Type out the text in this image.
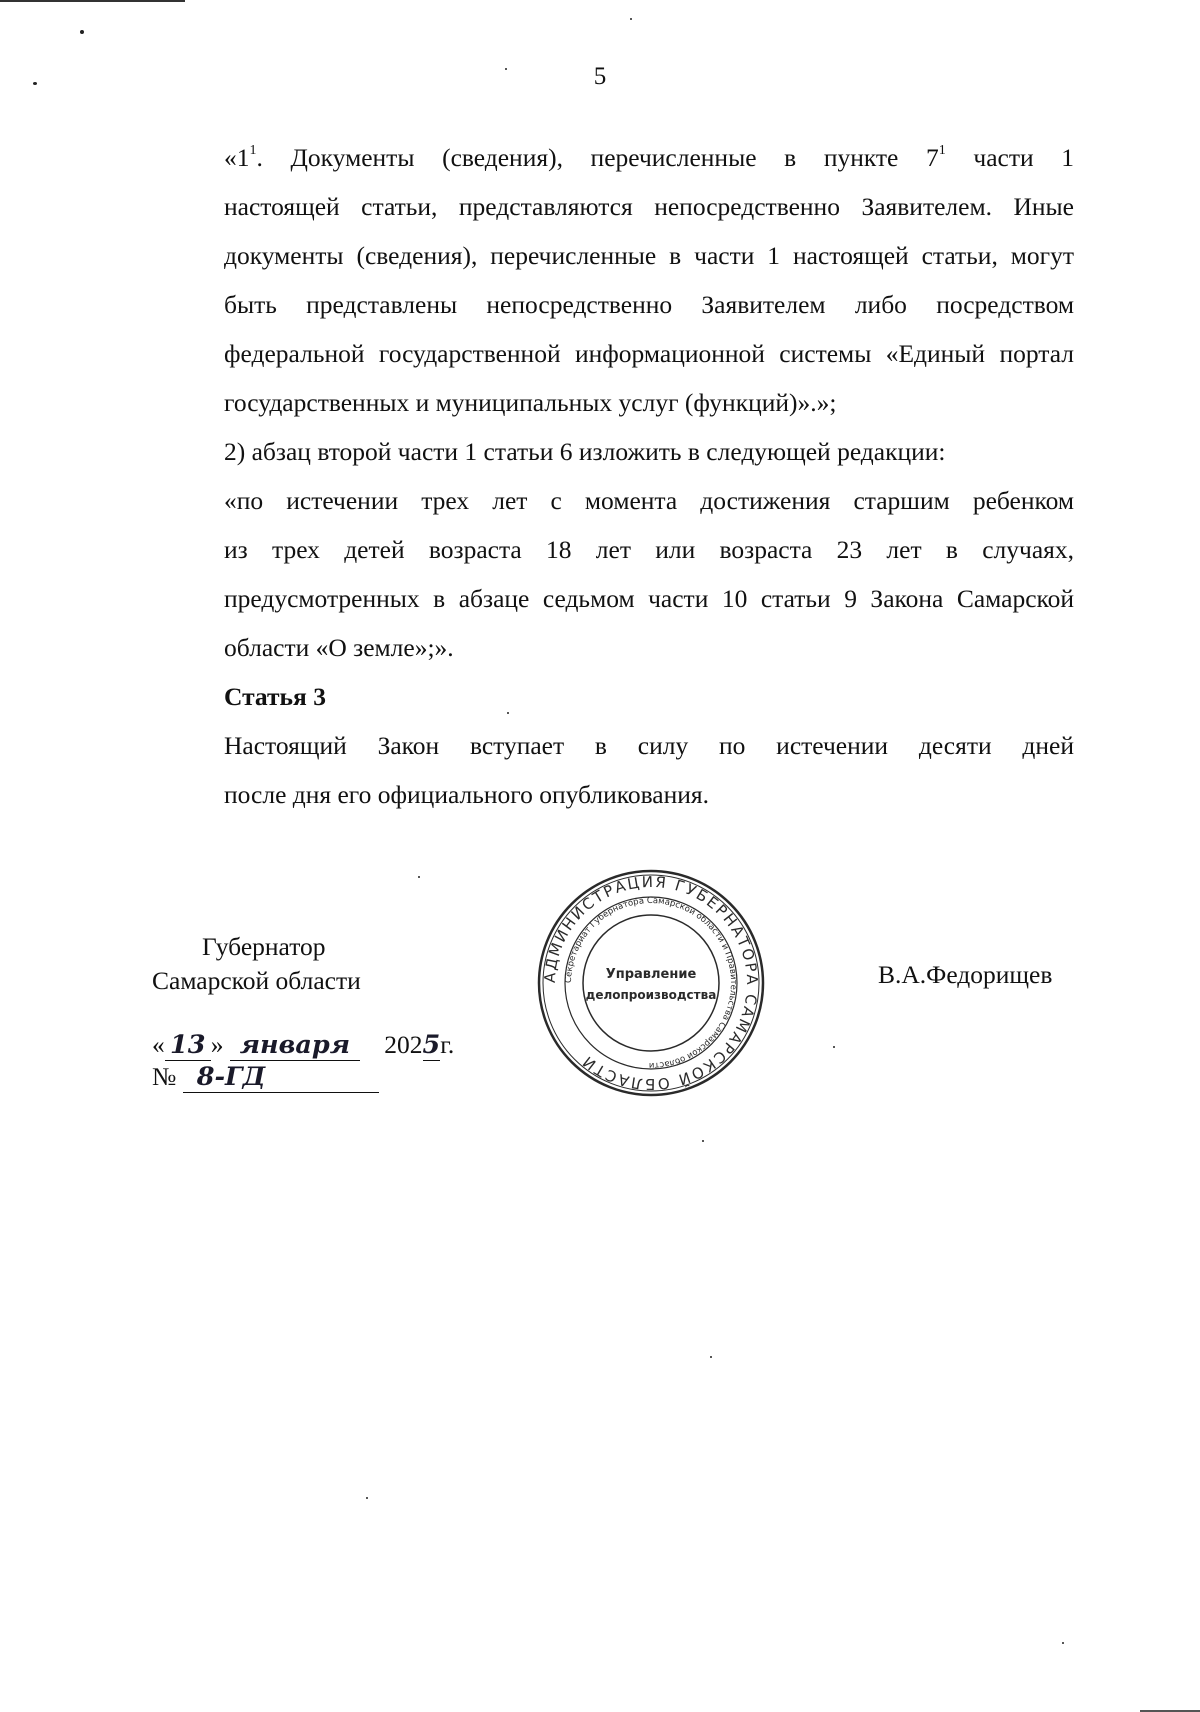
5

«$1^1$. Документы (сведения), перечисленные в пункте $7^1$ части 1
настоящей статьи, представляются непосредственно Заявителем. Иные
документы (сведения), перечисленные в части 1 настоящей статьи, могут
быть представлены непосредственно Заявителем либо посредством
федеральной государственной информационной системы «Единый портал
государственных и муниципальных услуг (функций)».»;

2) абзац второй части 1 статьи 6 изложить в следующей редакции:

«по истечении трех лет с момента достижения старшим ребенком
из трех детей возраста 18 лет или возраста 23 лет в случаях,
предусмотренных в абзаце седьмом части 10 статьи 9 Закона Самарской
области «О земле»;».

Статья 3

Настоящий Закон вступает в силу по истечении десяти дней
после дня его официального опубликования.

Губернатор
Самарской области	В.А.Федорищев
« 13 » января 2025г.
№ 8-ГД
АДМИНИСТРАЦИЯ ГУБЕРНАТОРА САМАРСКОЙ ОБЛАСТИ
Секретариат Губернатора Самарской области и Правительства Самарской области
Управление
делопроизводства
